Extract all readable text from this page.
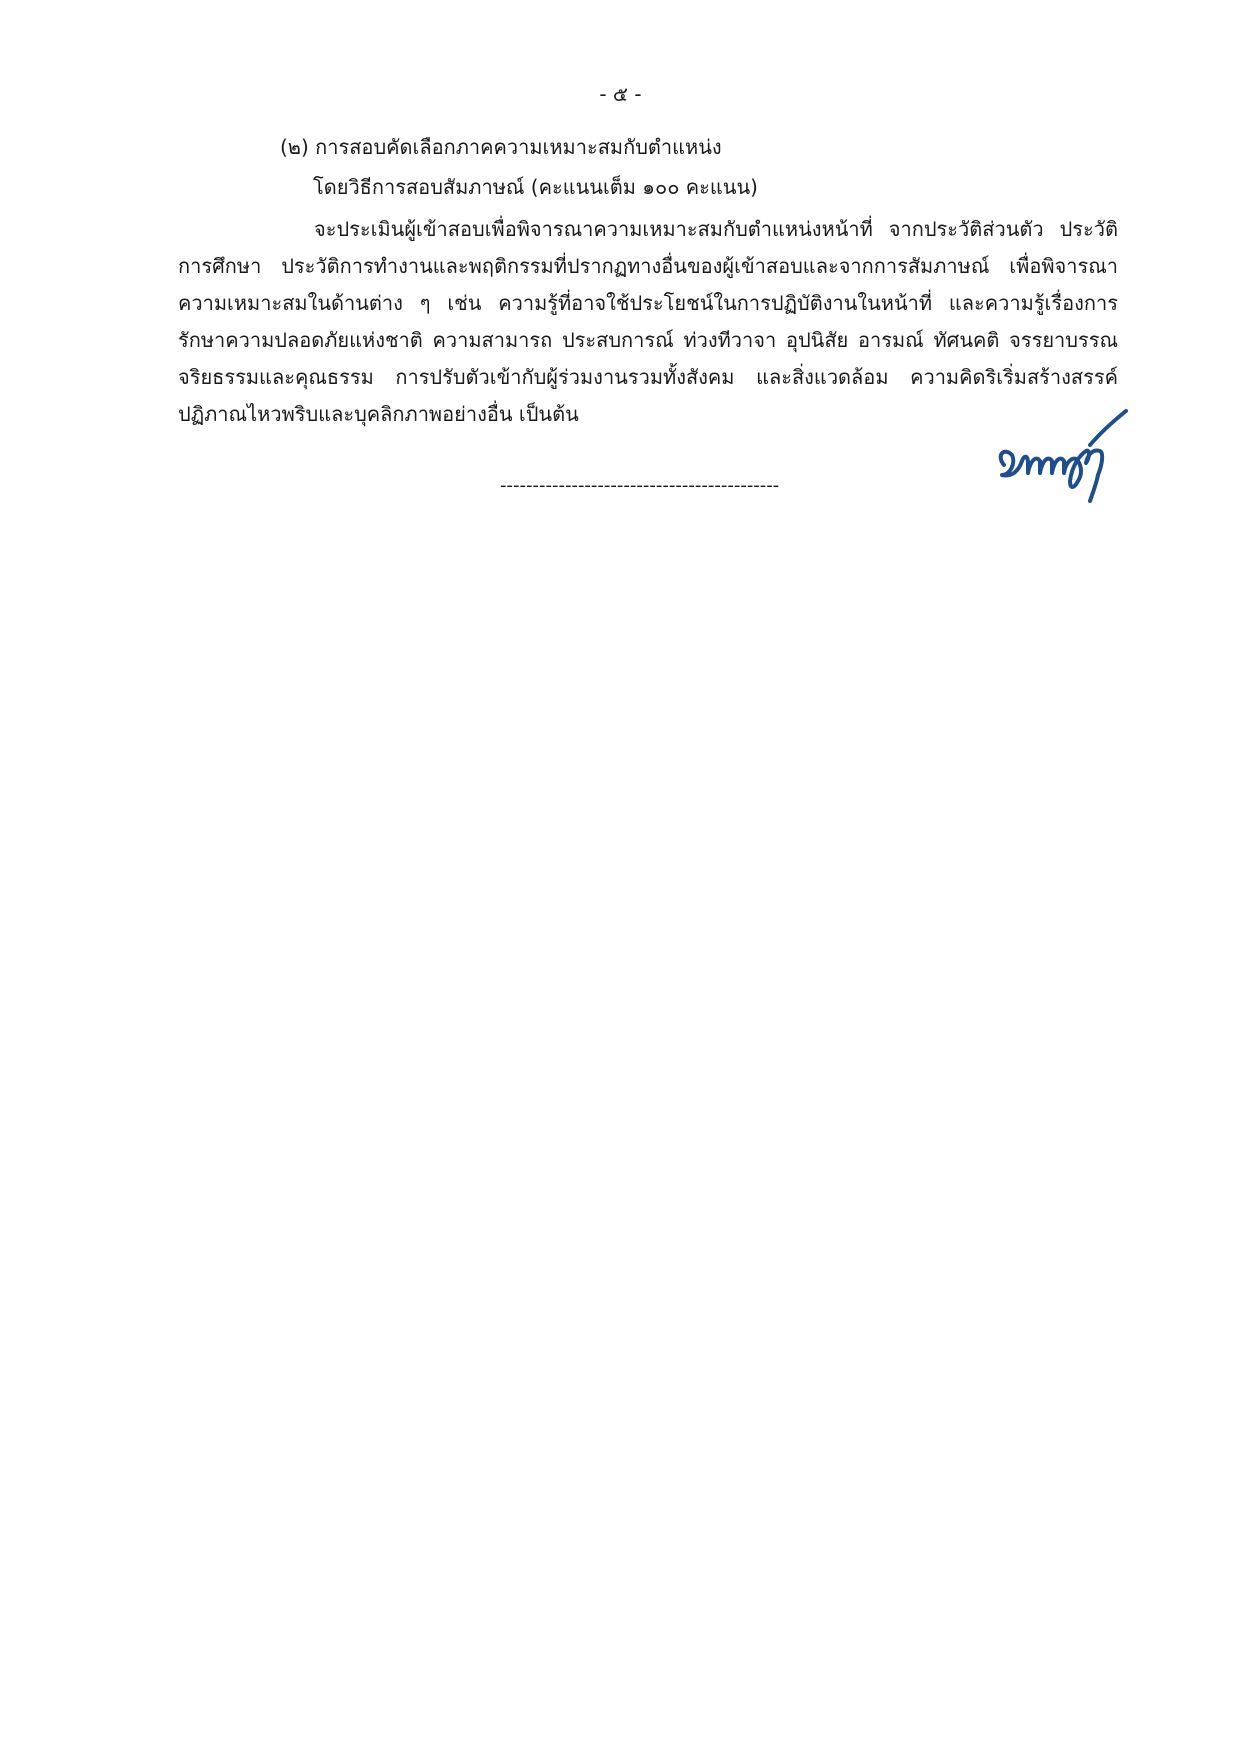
- ๕ -
(๒) การสอบคัดเลือกภาคความเหมาะสมกับตำแหน่ง
โดยวิธีการสอบสัมภาษณ์ (คะแนนเต็ม ๑๐๐ คะแนน)
จะประเมินผู้เข้าสอบเพื่อพิจารณาความเหมาะสมกับตำแหน่งหน้าที่ จากประวัติส่วนตัว ประวัติ
การศึกษา ประวัติการทำงานและพฤติกรรมที่ปรากฏทางอื่นของผู้เข้าสอบและจากการสัมภาษณ์ เพื่อพิจารณา
ความเหมาะสมในด้านต่าง ๆ เช่น ความรู้ที่อาจใช้ประโยชน์ในการปฏิบัติงานในหน้าที่ และความรู้เรื่องการ
รักษาความปลอดภัยแห่งชาติ ความสามารถ ประสบการณ์ ท่วงทีวาจา อุปนิสัย อารมณ์ ทัศนคติ จรรยาบรรณ
จริยธรรมและคุณธรรม การปรับตัวเข้ากับผู้ร่วมงานรวมทั้งสังคม และสิ่งแวดล้อม ความคิดริเริ่มสร้างสรรค์
ปฏิภาณไหวพริบและบุคลิกภาพอย่างอื่น เป็นต้น
-------------------------------------------
